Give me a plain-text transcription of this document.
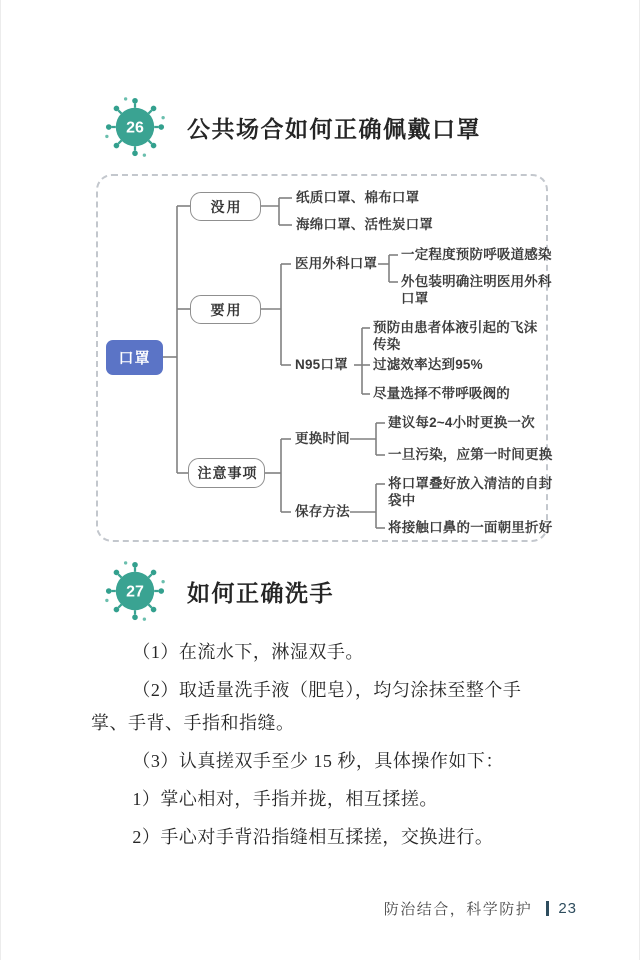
26 公共场合如何正确佩戴口罩
口罩
没用
要用
注意事项
纸质口罩、棉布口罩
海绵口罩、活性炭口罩
医用外科口罩
一定程度预防呼吸道感染
外包装明确注明医用外科口罩
N95口罩
预防由患者体液引起的飞沫传染
过滤效率达到95%
尽量选择不带呼吸阀的
更换时间
建议每2~4小时更换一次
一旦污染，应第一时间更换
保存方法
将口罩叠好放入清洁的自封袋中
将接触口鼻的一面朝里折好
27 如何正确洗手

（1）在流水下，淋湿双手。

（2）取适量洗手液（肥皂），均匀涂抹至整个手掌、手背、手指和指缝。

（3）认真搓双手至少 15 秒，具体操作如下：

1）掌心相对，手指并拢，相互揉搓。

2）手心对手背沿指缝相互揉搓，交换进行。

防治结合，科学防护 23
